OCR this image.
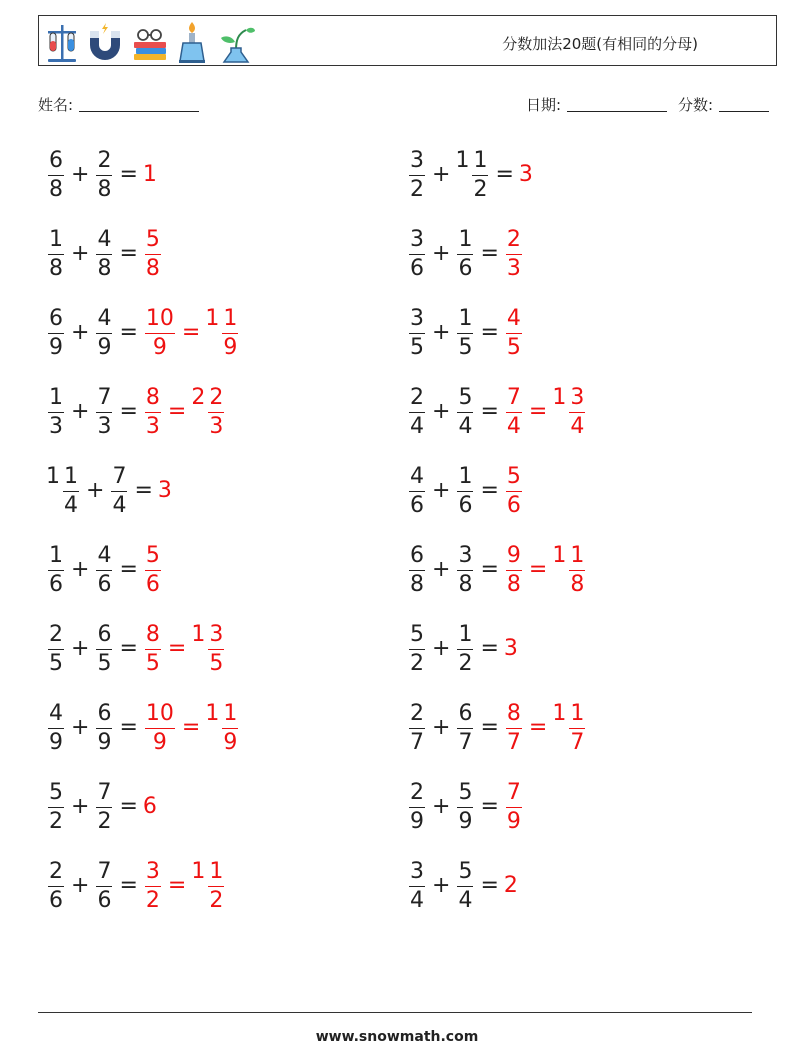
分数加法20题(有相同的分母)
姓名:	日期:	分数:
$\frac{6}{8} + \frac{2}{8} = 1$
$\frac{1}{8} + \frac{4}{8} = \frac{5}{8}$
$\frac{6}{9} + \frac{4}{9} = \frac{10}{9}$ =
$1 \frac{1}{9}$
$\frac{1}{3} + \frac{7}{3} = \frac{8}{3}$ =
$2 \frac{2}{3}$
$1 \frac{1}{4} + \frac{7}{4} = 3$
$\frac{1}{6} + \frac{4}{6} = \frac{5}{6}$
$\frac{2}{5} + \frac{6}{5} = \frac{8}{5}$ =
$1 \frac{3}{5}$
$\frac{4}{9} + \frac{6}{9} = \frac{10}{9}$ =
$1 \frac{1}{9}$
$\frac{5}{2} + \frac{7}{2} = 6$
$\frac{2}{6} + \frac{7}{6} = \frac{3}{2}$ =
$1 \frac{1}{2}$
$\frac{3}{2}$ +
$1 \frac{1}{2} = 3$
$\frac{3}{6} + \frac{1}{6} = \frac{2}{3}$
$\frac{3}{5} + \frac{1}{5} = \frac{4}{5}$
$\frac{2}{4} + \frac{5}{4} = \frac{7}{4}$ =
$1 \frac{3}{4}$
$\frac{4}{6} + \frac{1}{6} = \frac{5}{6}$
$\frac{6}{8} + \frac{3}{8} = \frac{9}{8}$ =
$1 \frac{1}{8}$
$\frac{5}{2} + \frac{1}{2} = 3$
$\frac{2}{7} + \frac{6}{7} = \frac{8}{7}$ =
$1 \frac{1}{7}$
$\frac{2}{9} + \frac{5}{9} = \frac{7}{9}$
$\frac{3}{4} + \frac{5}{4} = 2$
www.snowmath.com
